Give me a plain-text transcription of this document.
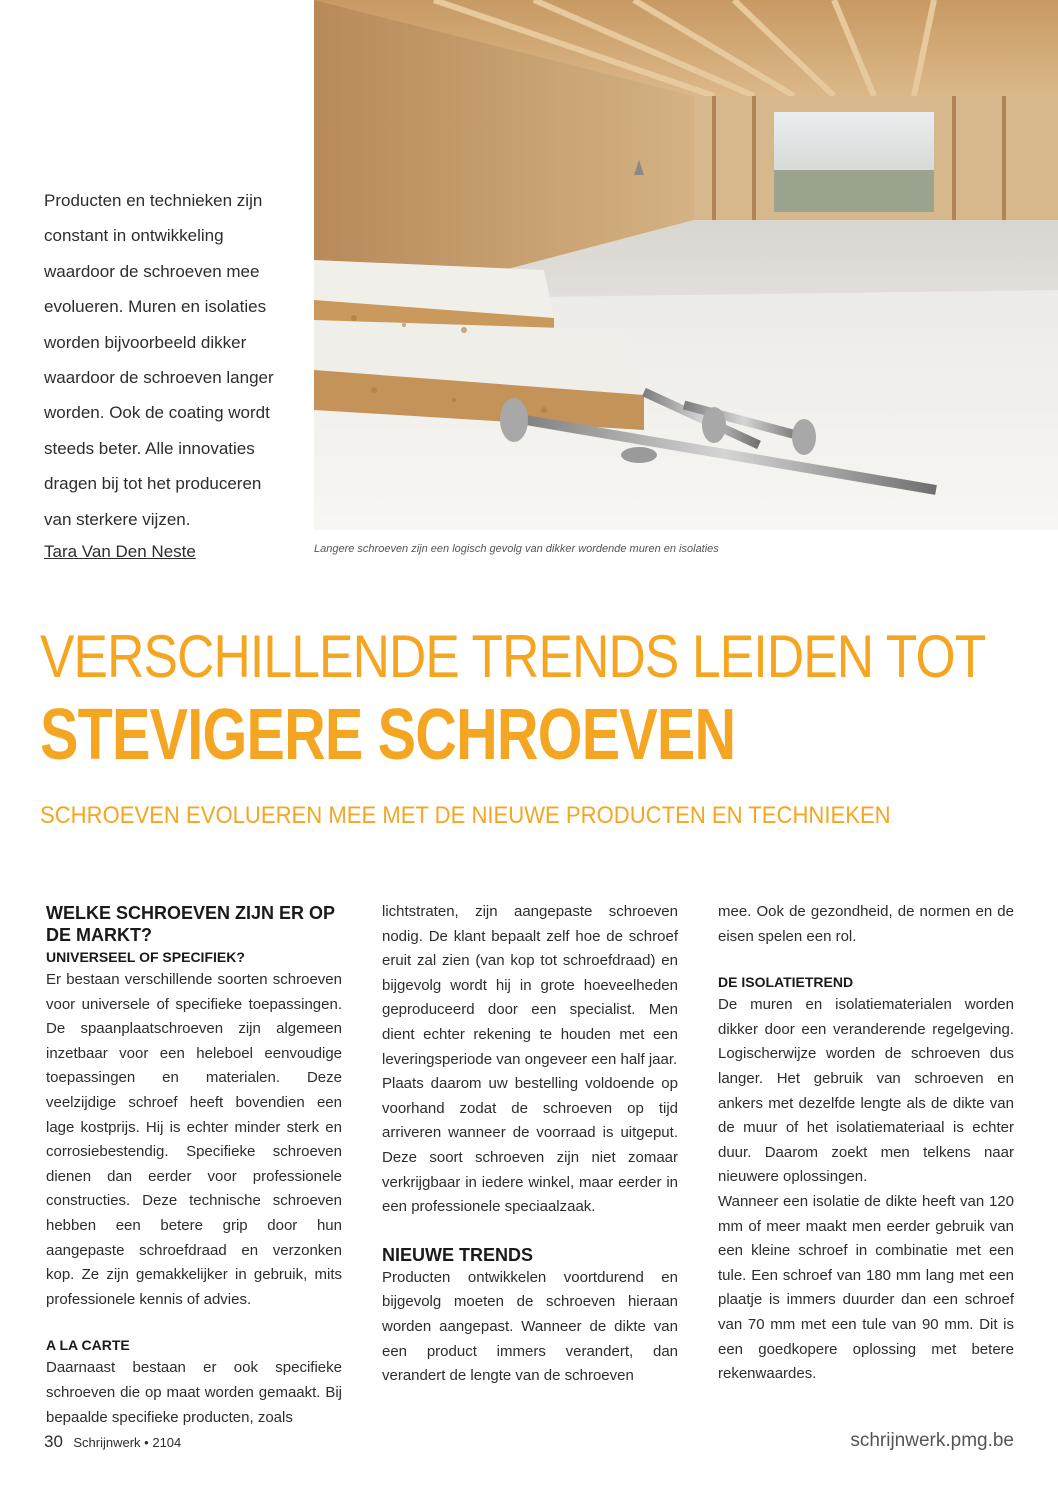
Producten en technieken zijn
constant in ontwikkeling
waardoor de schroeven mee
evolueren. Muren en isolaties
worden bijvoorbeeld dikker
waardoor de schroeven langer
worden. Ook de coating wordt
steeds beter. Alle innovaties
dragen bij tot het produceren
van sterkere vijzen.
Tara Van Den Neste	Langere schroeven zijn een logisch gevolg van dikker wordende muren en isolaties
VERSCHILLENDE TRENDS LEIDEN TOT
STEVIGERE SCHROEVEN
SCHROEVEN EVOLUEREN MEE MET DE NIEUWE PRODUCTEN EN TECHNIEKEN
WELKE SCHROEVEN ZIJN ER OP DE MARKT?
UNIVERSEEL OF SPECIFIEK?

Er bestaan verschillende soorten schroeven voor universele of specifieke toepassingen. De spaanplaatschroeven zijn algemeen inzetbaar voor een heleboel eenvoudige toepassingen en materialen. Deze veelzijdige schroef heeft bovendien een lage kostprijs. Hij is echter minder sterk en corrosiebestendig. Specifieke schroeven dienen dan eerder voor professionele constructies. Deze technische schroeven hebben een betere grip door hun aangepaste schroefdraad en verzonken kop. Ze zijn gemakkelijker in gebruik, mits professionele kennis of advies.

A LA CARTE

Daarnaast bestaan er ook specifieke schroeven die op maat worden gemaakt. Bij bepaalde specifieke producten, zoals

lichtstraten, zijn aangepaste schroeven nodig. De klant bepaalt zelf hoe de schroef eruit zal zien (van kop tot schroefdraad) en bijgevolg wordt hij in grote hoeveelheden geproduceerd door een specialist. Men dient echter rekening te houden met een leveringsperiode van ongeveer een half jaar.

Plaats daarom uw bestelling voldoende op voorhand zodat de schroeven op tijd arriveren wanneer de voorraad is uitgeput. Deze soort schroeven zijn niet zomaar verkrijgbaar in iedere winkel, maar eerder in een professionele speciaalzaak.

NIEUWE TRENDS

Producten ontwikkelen voortdurend en bijgevolg moeten de schroeven hieraan worden aangepast. Wanneer de dikte van een product immers verandert, dan verandert de lengte van de schroeven

mee. Ook de gezondheid, de normen en de eisen spelen een rol.

DE ISOLATIETREND

De muren en isolatiematerialen worden dikker door een veranderende regelgeving. Logischerwijze worden de schroeven dus langer. Het gebruik van schroeven en ankers met dezelfde lengte als de dikte van de muur of het isolatiemateriaal is echter duur. Daarom zoekt men telkens naar nieuwere oplossingen.

Wanneer een isolatie de dikte heeft van 120 mm of meer maakt men eerder gebruik van een kleine schroef in combinatie met een tule. Een schroef van 180 mm lang met een plaatje is immers duurder dan een schroef van 70 mm met een tule van 90 mm. Dit is een goedkopere oplossing met betere rekenwaardes.

30 Schrijnwerk • 2104	schrijnwerk.pmg.be
